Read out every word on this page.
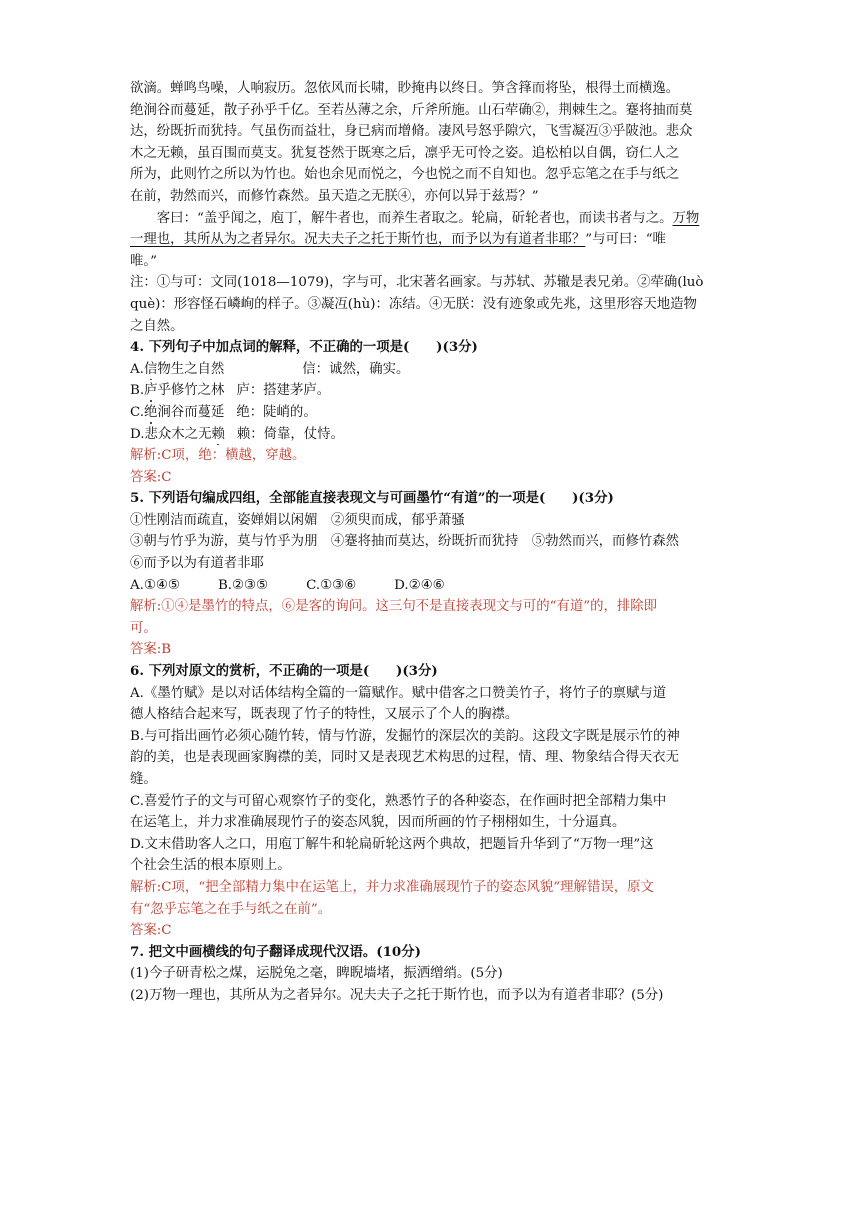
欲滴。蝉鸣鸟噪，人响寂历。忽依风而长啸，眇掩冉以终日。笋含箨而将坠，根得土而横逸。
绝涧谷而蔓延，散子孙乎千亿。至若丛薄之余，斤斧所施。山石荦确②，荆棘生之。蹇将抽而莫
达，纷既折而犹持。气虽伤而益壮，身已病而增脩。凄风号怒乎隙穴，飞雪凝冱③乎陂池。悲众
木之无赖，虽百围而莫支。犹复苍然于既寒之后，凛乎无可怜之姿。追松柏以自偶，窃仁人之
所为，此则竹之所以为竹也。始也余见而悦之，今也悦之而不自知也。忽乎忘笔之在手与纸之
在前，勃然而兴，而修竹森然。虽天造之无朕④，亦何以异于兹焉？”
客曰：“盖乎闻之，庖丁，解牛者也，而养生者取之。轮扁，斫轮者也，而读书者与之。万物
一理也，其所从为之者异尔。况夫夫子之托于斯竹也，而予以为有道者非耶？”与可曰：“唯
唯。”
注：①与可：文同(1018—1079)，字与可，北宋著名画家。与苏轼、苏辙是表兄弟。②荦确(luò
què)：形容怪石嶙峋的样子。③凝冱(hù)：冻结。④无朕：没有迹象或先兆，这里形容天地造物
之自然。
4. 下列句子中加点词的解释，不正确的一项是(　　)(3分)
A.信物生之自然	信：诚然，确实。
B.庐乎修竹之林 庐：搭建茅庐。
C.绝涧谷而蔓延 绝：陡峭的。
D.悲众木之无赖 赖：倚靠，仗恃。
解析:C项，绝：横越，穿越。
答案:C
5. 下列语句编成四组，全部能直接表现文与可画墨竹“有道”的一项是(　　)(3分)
①性刚洁而疏直，姿婵娟以闲媚　②须臾而成，郁乎萧骚
③朝与竹乎为游，莫与竹乎为朋　④蹇将抽而莫达，纷既折而犹持　⑤勃然而兴，而修竹森然
⑥而予以为有道者非耶
A.①④⑤	B.②③⑤	C.①③⑥	D.②④⑥
解析:①④是墨竹的特点，⑥是客的询问。这三句不是直接表现文与可的“有道”的，排除即
可。
答案:B
6. 下列对原文的赏析，不正确的一项是(　　)(3分)
A.《墨竹赋》是以对话体结构全篇的一篇赋作。赋中借客之口赞美竹子，将竹子的禀赋与道
德人格结合起来写，既表现了竹子的特性，又展示了个人的胸襟。
B.与可指出画竹必须心随竹转，情与竹游，发掘竹的深层次的美韵。这段文字既是展示竹的神
韵的美，也是表现画家胸襟的美，同时又是表现艺术构思的过程，情、理、物象结合得天衣无
缝。
C.喜爱竹子的文与可留心观察竹子的变化，熟悉竹子的各种姿态，在作画时把全部精力集中
在运笔上，并力求准确展现竹子的姿态风貌，因而所画的竹子栩栩如生，十分逼真。
D.文末借助客人之口，用庖丁解牛和轮扁斫轮这两个典故，把题旨升华到了“万物一理”这
个社会生活的根本原则上。
解析:C项，“把全部精力集中在运笔上，并力求准确展现竹子的姿态风貌”理解错误，原文
有“忽乎忘笔之在手与纸之在前”。
答案:C
7. 把文中画横线的句子翻译成现代汉语。(10分)
(1)今子研青松之煤，运脱兔之毫，睥睨墙堵，振洒缯绡。(5分)
(2)万物一理也，其所从为之者异尔。况夫夫子之托于斯竹也，而予以为有道者非耶？(5分)
